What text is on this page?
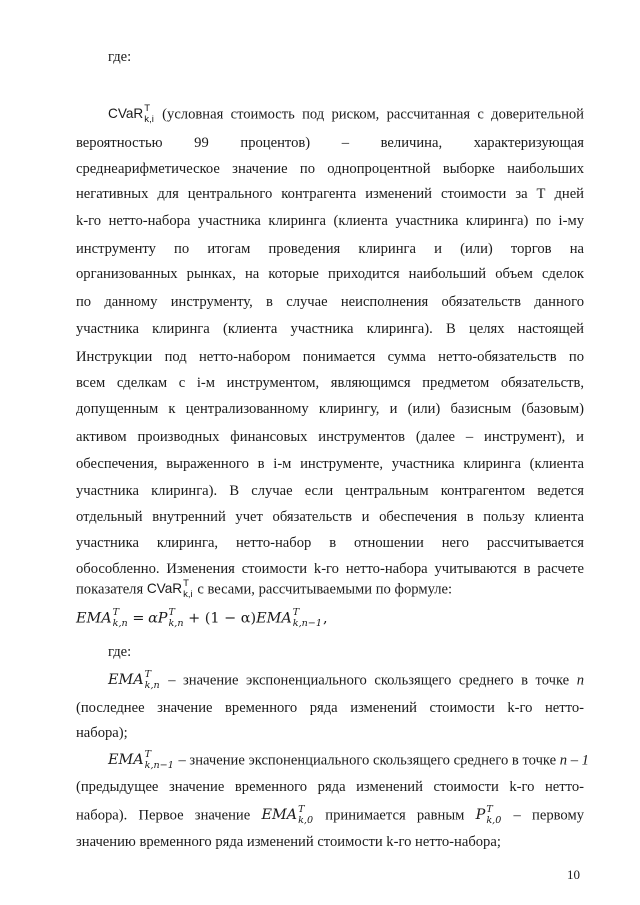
где:
CVaR T
k,i (условная стоимость под риском, рассчитанная с доверительной
вероятностью 99 процентов) – величина, характеризующая
среднеарифметическое значение по однопроцентной выборке наибольших
негативных для центрального контрагента изменений стоимости за Т дней
k-го нетто-набора участника клиринга (клиента участника клиринга) по i-му
инструменту по итогам проведения клиринга и (или) торгов на
организованных рынках, на которые приходится наибольший объем сделок
по данному инструменту, в случае неисполнения обязательств данного
участника клиринга (клиента участника клиринга). В целях настоящей
Инструкции под нетто-набором понимается сумма нетто-обязательств по
всем сделкам с i-м инструментом, являющимся предметом обязательств,
допущенным к централизованному клирингу, и (или) базисным (базовым)
активом производных финансовых инструментов (далее – инструмент), и
обеспечения, выраженного в i-м инструменте, участника клиринга (клиента
участника клиринга). В случае если центральным контрагентом ведется
отдельный внутренний учет обязательств и обеспечения в пользу клиента
участника клиринга, нетто-набор в отношении него рассчитывается
обособленно. Изменения стоимости k-го нетто-набора учитываются в расчете
показателя CVaR T
k,i с весами, рассчитываемыми по формуле:
EMA T
k,n = αP T
k,n + (1 − α)EMA T
k,n−1 ,
где:
EMA T
k,n – значение экспоненциального скользящего среднего в точке n
(последнее значение временного ряда изменений стоимости k-го нетто-
набора);
EMA T
k,n−1 – значение экспоненциального скользящего среднего в точке n – 1
(предыдущее значение временного ряда изменений стоимости k-го нетто-
набора). Первое значение EMA T
k,0 принимается равным P T
k,0 – первому
значению временного ряда изменений стоимости k-го нетто-набора;
10
